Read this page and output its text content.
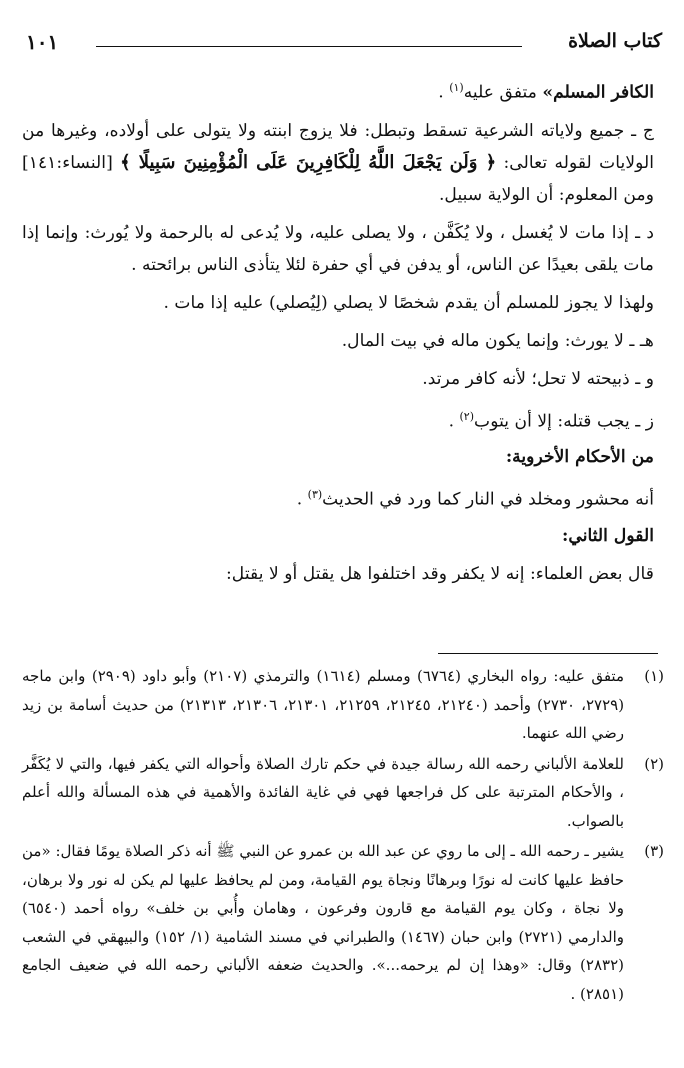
كتاب الصلاة
١٠١

الكافر المسلم» متفق عليه$^{(١)}$ .

ج ـ جميع ولاياته الشرعية تسقط وتبطل: فلا يزوج ابنته ولا يتولى على أولاده، وغيرها من الولايات لقوله تعالى: ﴿ وَلَن يَجْعَلَ اللَّهُ لِلْكَافِرِينَ عَلَى الْمُؤْمِنِينَ سَبِيلًا ﴾ [النساء:١٤١] ومن المعلوم: أن الولاية سبيل.

د ـ إذا مات لا يُغسل ، ولا يُكَفَّن ، ولا يصلى عليه، ولا يُدعى له بالرحمة ولا يُورث: وإنما إذا مات يلقى بعيدًا عن الناس، أو يدفن في أي حفرة لئلا يتأذى الناس برائحته .

ولهذا لا يجوز للمسلم أن يقدم شخصًا لا يصلي (لِيُصلي) عليه إذا مات .

هـ ـ لا يورث: وإنما يكون ماله في بيت المال.

و ـ ذبيحته لا تحل؛ لأنه كافر مرتد.

ز ـ يجب قتله: إلا أن يتوب$^{(٢)}$ .

من الأحكام الأخروية:

أنه محشور ومخلد في النار كما ورد في الحديث$^{(٣)}$ .

القول الثاني:

قال بعض العلماء: إنه لا يكفر وقد اختلفوا هل يقتل أو لا يقتل:

(١)
متفق عليه: رواه البخاري (٦٧٦٤) ومسلم (١٦١٤) والترمذي (٢١٠٧) وأبو داود (٢٩٠٩) وابن ماجه (٢٧٢٩، ٢٧٣٠) وأحمد (٢١٢٤٠، ٢١٢٤٥، ٢١٢٥٩، ٢١٣٠١، ٢١٣٠٦، ٢١٣١٣) من حديث أسامة بن زيد رضي الله عنهما.
(٢)
للعلامة الألباني رحمه الله رسالة جيدة في حكم تارك الصلاة وأحواله التي يكفر فيها، والتي لا يُكَفَّر ، والأحكام المترتبة على كل فراجعها فهي في غاية الفائدة والأهمية في هذه المسألة والله أعلم بالصواب.
(٣)
يشير ـ رحمه الله ـ إلى ما روي عن عبد الله بن عمرو عن النبي ﷺ أنه ذكر الصلاة يومًا فقال: «من حافظ عليها كانت له نورًا وبرهانًا ونجاة يوم القيامة، ومن لم يحافظ عليها لم يكن له نور ولا برهان، ولا نجاة ، وكان يوم القيامة مع قارون وفرعون ، وهامان وأُبي بن خلف» رواه أحمد (٦٥٤٠) والدارمي (٢٧٢١) وابن حبان (١٤٦٧) والطبراني في مسند الشامية (١/ ١٥٢) والبيهقي في الشعب (٢٨٣٢) وقال: «وهذا إن لم يرحمه...». والحديث ضعفه الألباني رحمه الله في ضعيف الجامع (٢٨٥١) .
